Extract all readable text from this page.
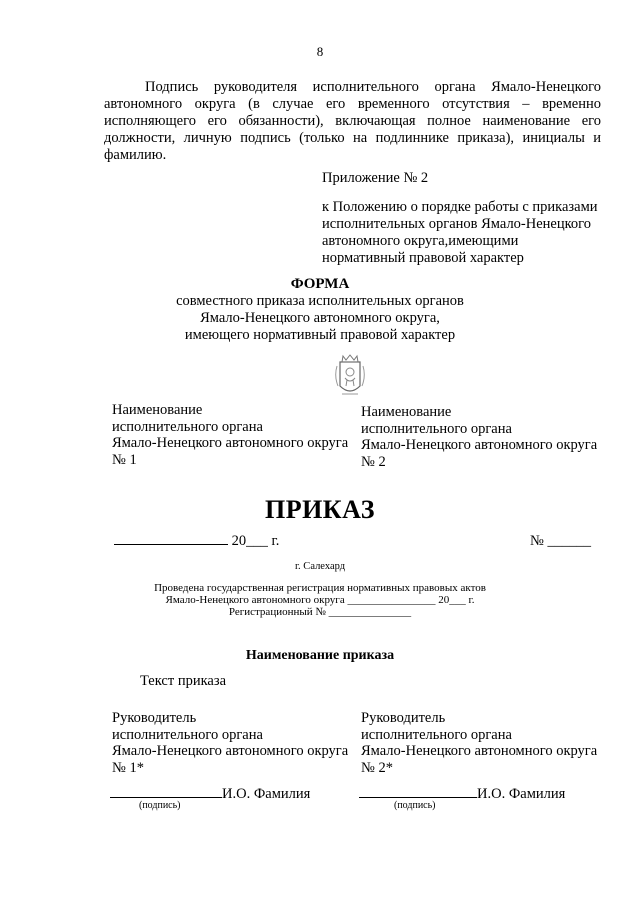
8
Подпись руководителя исполнительного органа Ямало-Ненецкого автономного округа (в случае его временного отсутствия – временно исполняющего его обязанности), включающая полное наименование его должности, личную подпись (только на подлиннике приказа), инициалы и фамилию.
Приложение № 2
к Положению о порядке работы с приказами
исполнительных органов Ямало-Ненецкого
автономного округа,имеющими
нормативный правовой характер
ФОРМА
совместного приказа исполнительных органов
Ямало-Ненецкого автономного округа,
имеющего нормативный правовой характер
Наименование
исполнительного органа
Ямало-Ненецкого автономного округа
№ 1
Наименование
исполнительного органа
Ямало-Ненецкого автономного округа
№ 2
ПРИКАЗ
20___ г.	№ ______
г. Салехард
Проведена государственная регистрация нормативных правовых актов
Ямало-Ненецкого автономного округа ________________ 20___ г.
Регистрационный № _______________
Наименование приказа
Текст приказа
Руководитель
исполнительного органа
Ямало-Ненецкого автономного округа
№ 1*
Руководитель
исполнительного органа
Ямало-Ненецкого автономного округа
№ 2*
И.О. Фамилия
(подпись)
И.О. Фамилия
(подпись)
